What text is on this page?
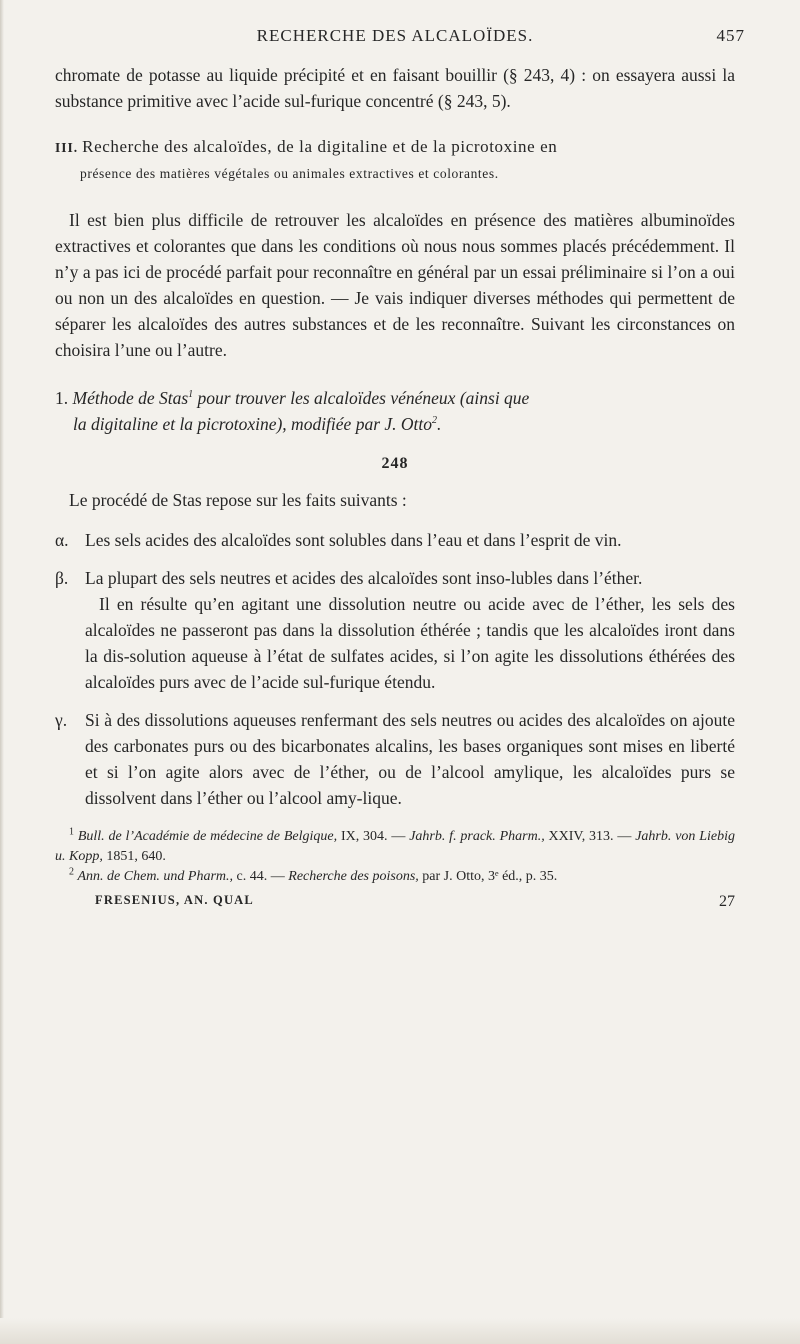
RECHERCHE DES ALCALOÏDES.	457

chromate de potasse au liquide précipité et en faisant bouillir (§ 243, 4) : on essayera aussi la substance primitive avec l’acide sul-furique concentré (§ 243, 5).

III. Recherche des alcaloïdes, de la digitaline et de la picrotoxine en
présence des matières végétales ou animales extractives et colorantes.

Il est bien plus difficile de retrouver les alcaloïdes en présence des matières albuminoïdes extractives et colorantes que dans les conditions où nous nous sommes placés précédemment. Il n’y a pas ici de procédé parfait pour reconnaître en général par un essai préliminaire si l’on a oui ou non un des alcaloïdes en question. — Je vais indiquer diverses méthodes qui permettent de séparer les alcaloïdes des autres substances et de les reconnaître. Suivant les circonstances on choisira l’une ou l’autre.

1. Méthode de Stas$^1$ pour trouver les alcaloïdes vénéneux (ainsi que
la digitaline et la picrotoxine), modifiée par J. Otto$^2$.

248

Le procédé de Stas repose sur les faits suivants :

α. Les sels acides des alcaloïdes sont solubles dans l’eau et dans l’esprit de vin.

β. La plupart des sels neutres et acides des alcaloïdes sont inso-lubles dans l’éther.

Il en résulte qu’en agitant une dissolution neutre ou acide avec de l’éther, les sels des alcaloïdes ne passeront pas dans la dissolution éthérée ; tandis que les alcaloïdes iront dans la dis-solution aqueuse à l’état de sulfates acides, si l’on agite les dissolutions éthérées des alcaloïdes purs avec de l’acide sul-furique étendu.

γ. Si à des dissolutions aqueuses renfermant des sels neutres ou acides des alcaloïdes on ajoute des carbonates purs ou des bicarbonates alcalins, les bases organiques sont mises en liberté et si l’on agite alors avec de l’éther, ou de l’alcool amylique, les alcaloïdes purs se dissolvent dans l’éther ou l’alcool amy-lique.

$^1$ Bull. de l’Académie de médecine de Belgique, IX, 304. — Jahrb. f. prack. Pharm., XXIV, 313. — Jahrb. von Liebig u. Kopp, 1851, 640.

$^2$ Ann. de Chem. und Pharm., c. 44. — Recherche des poisons, par J. Otto, 3ᵉ éd., p. 35.

FRESENIUS, AN. QUAL	27
